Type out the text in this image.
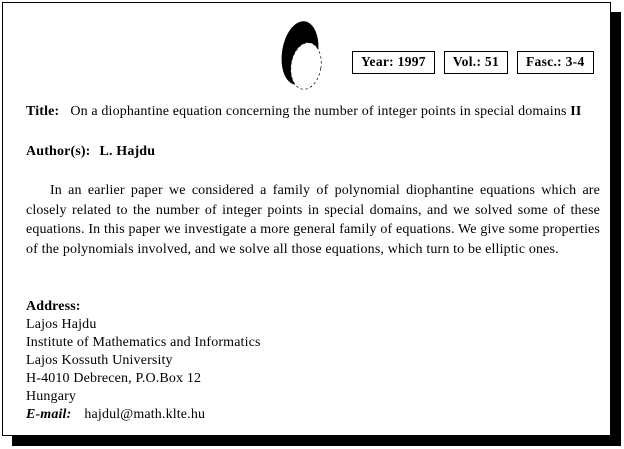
Year: 1997	Vol.: 51	Fasc.: 3-4
Title: On a diophantine equation concerning the number of integer points in special domains II
Author(s): L. Hajdu
In an earlier paper we considered a family of polynomial diophantine equations which are closely related to the number of integer points in special domains, and we solved some of these equations. In this paper we investigate a more general family of equations. We give some properties of the polynomials involved, and we solve all those equations, which turn to be elliptic ones.
Address:
Lajos Hajdu
Institute of Mathematics and Informatics
Lajos Kossuth University
H-4010 Debrecen, P.O.Box 12
Hungary
E-mail: hajdul@math.klte.hu
